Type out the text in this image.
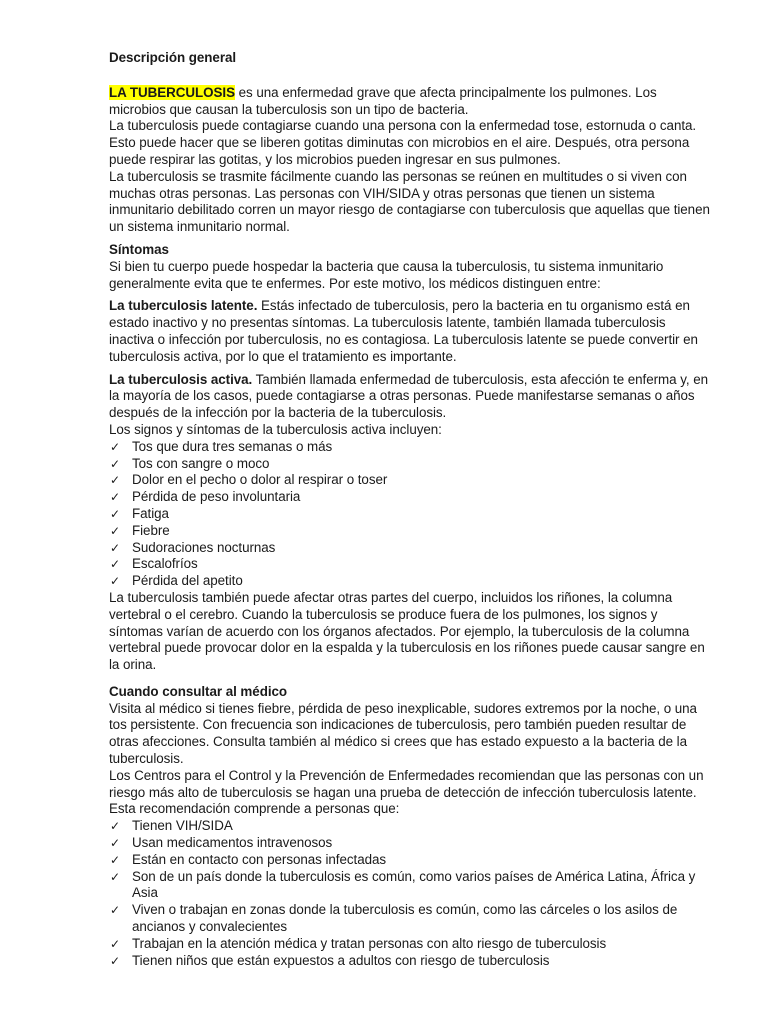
Descripción general

LA TUBERCULOSIS es una enfermedad grave que afecta principalmente los pulmones. Los microbios que causan la tuberculosis son un tipo de bacteria.

La tuberculosis puede contagiarse cuando una persona con la enfermedad tose, estornuda o canta. Esto puede hacer que se liberen gotitas diminutas con microbios en el aire. Después, otra persona puede respirar las gotitas, y los microbios pueden ingresar en sus pulmones.

La tuberculosis se trasmite fácilmente cuando las personas se reúnen en multitudes o si viven con muchas otras personas. Las personas con VIH/SIDA y otras personas que tienen un sistema inmunitario debilitado corren un mayor riesgo de contagiarse con tuberculosis que aquellas que tienen un sistema inmunitario normal.

Síntomas

Si bien tu cuerpo puede hospedar la bacteria que causa la tuberculosis, tu sistema inmunitario generalmente evita que te enfermes. Por este motivo, los médicos distinguen entre:

La tuberculosis latente. Estás infectado de tuberculosis, pero la bacteria en tu organismo está en estado inactivo y no presentas síntomas. La tuberculosis latente, también llamada tuberculosis inactiva o infección por tuberculosis, no es contagiosa. La tuberculosis latente se puede convertir en tuberculosis activa, por lo que el tratamiento es importante.

La tuberculosis activa. También llamada enfermedad de tuberculosis, esta afección te enferma y, en la mayoría de los casos, puede contagiarse a otras personas. Puede manifestarse semanas o años después de la infección por la bacteria de la tuberculosis.

Los signos y síntomas de la tuberculosis activa incluyen:

✓ Tos que dura tres semanas o más
✓ Tos con sangre o moco
✓ Dolor en el pecho o dolor al respirar o toser
✓ Pérdida de peso involuntaria
✓ Fatiga
✓ Fiebre
✓ Sudoraciones nocturnas
✓ Escalofríos
✓ Pérdida del apetito

La tuberculosis también puede afectar otras partes del cuerpo, incluidos los riñones, la columna vertebral o el cerebro. Cuando la tuberculosis se produce fuera de los pulmones, los signos y síntomas varían de acuerdo con los órganos afectados. Por ejemplo, la tuberculosis de la columna vertebral puede provocar dolor en la espalda y la tuberculosis en los riñones puede causar sangre en la orina.

Cuando consultar al médico

Visita al médico si tienes fiebre, pérdida de peso inexplicable, sudores extremos por la noche, o una tos persistente. Con frecuencia son indicaciones de tuberculosis, pero también pueden resultar de otras afecciones. Consulta también al médico si crees que has estado expuesto a la bacteria de la tuberculosis.

Los Centros para el Control y la Prevención de Enfermedades recomiendan que las personas con un riesgo más alto de tuberculosis se hagan una prueba de detección de infección tuberculosis latente. Esta recomendación comprende a personas que:

✓ Tienen VIH/SIDA
✓ Usan medicamentos intravenosos
✓ Están en contacto con personas infectadas
✓ Son de un país donde la tuberculosis es común, como varios países de América Latina, África y Asia
✓ Viven o trabajan en zonas donde la tuberculosis es común, como las cárceles o los asilos de ancianos y convalecientes
✓ Trabajan en la atención médica y tratan personas con alto riesgo de tuberculosis
✓ Tienen niños que están expuestos a adultos con riesgo de tuberculosis
